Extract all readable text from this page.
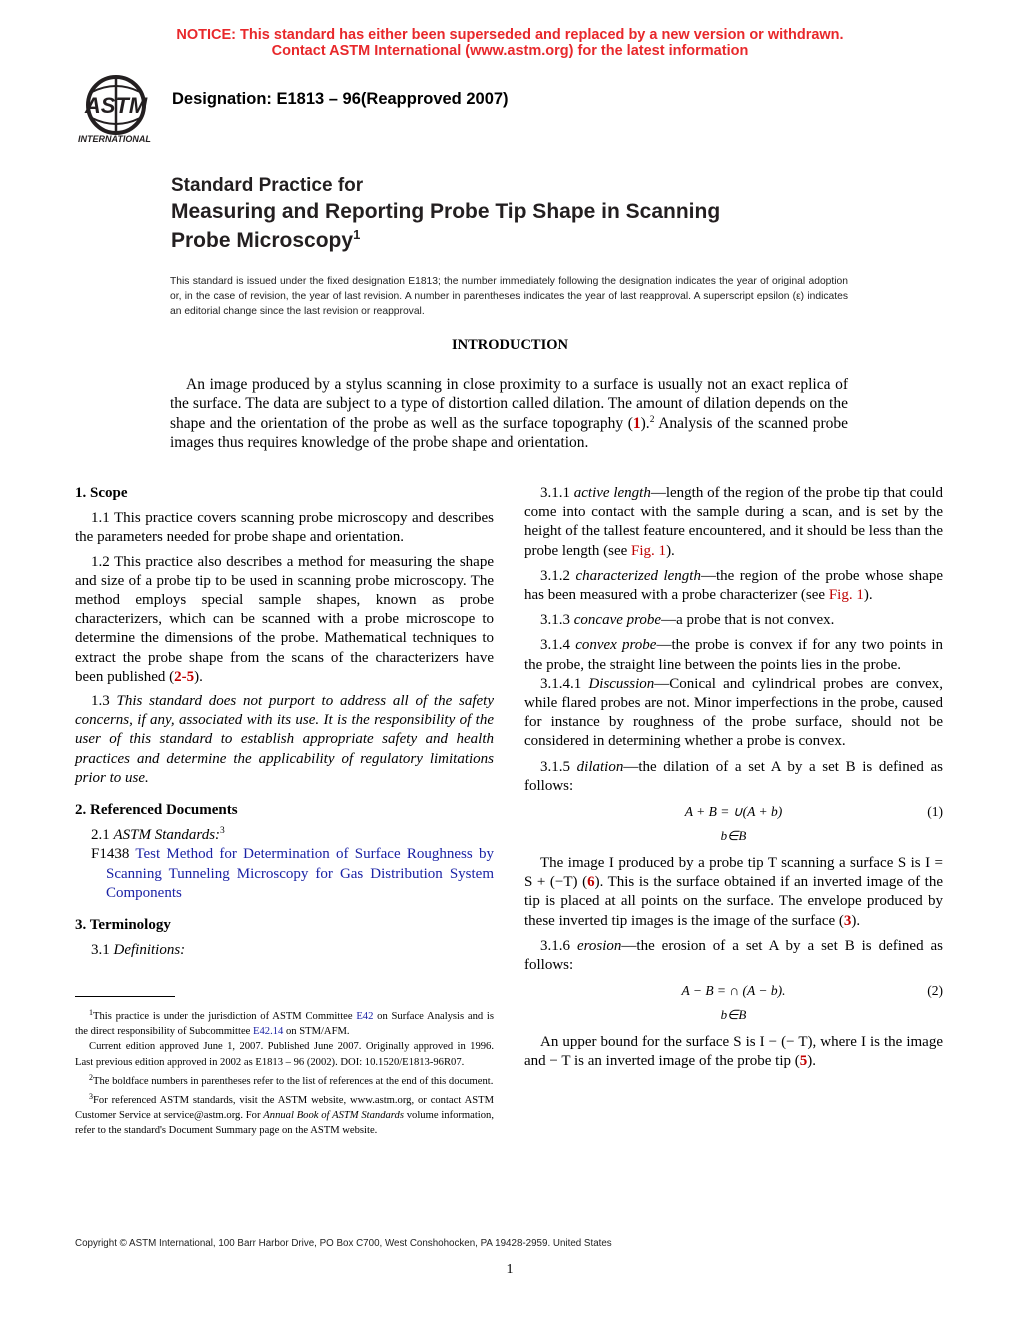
NOTICE: This standard has either been superseded and replaced by a new version or withdrawn.
Contact ASTM International (www.astm.org) for the latest information
ASTM
INTERNATIONAL
Designation: E1813 – 96(Reapproved 2007)
Standard Practice for
Measuring and Reporting Probe Tip Shape in Scanning
Probe Microscopy$^1$
This standard is issued under the fixed designation E1813; the number immediately following the designation indicates the year of original adoption or, in the case of revision, the year of last revision. A number in parentheses indicates the year of last reapproval. A superscript epsilon (ε) indicates an editorial change since the last revision or reapproval.
INTRODUCTION
An image produced by a stylus scanning in close proximity to a surface is usually not an exact replica of the surface. The data are subject to a type of distortion called dilation. The amount of dilation depends on the shape and the orientation of the probe as well as the surface topography (1).$^2$ Analysis of the scanned probe images thus requires knowledge of the probe shape and orientation.

1. Scope

1.1 This practice covers scanning probe microscopy and describes the parameters needed for probe shape and orientation.

1.2 This practice also describes a method for measuring the shape and size of a probe tip to be used in scanning probe microscopy. The method employs special sample shapes, known as probe characterizers, which can be scanned with a probe microscope to determine the dimensions of the probe. Mathematical techniques to extract the probe shape from the scans of the characterizers have been published (2-5).

1.3 This standard does not purport to address all of the safety concerns, if any, associated with its use. It is the responsibility of the user of this standard to establish appropriate safety and health practices and determine the applicability of regulatory limitations prior to use.

2. Referenced Documents

2.1 ASTM Standards:$^3$

F1438 Test Method for Determination of Surface Roughness by Scanning Tunneling Microscopy for Gas Distribution System Components

3. Terminology

3.1 Definitions:

3.1.1 active length—length of the region of the probe tip that could come into contact with the sample during a scan, and is set by the height of the tallest feature encountered, and it should be less than the probe length (see Fig. 1).

3.1.2 characterized length—the region of the probe whose shape has been measured with a probe characterizer (see Fig. 1).

3.1.3 concave probe—a probe that is not convex.

3.1.4 convex probe—the probe is convex if for any two points in the probe, the straight line between the points lies in the probe.

3.1.4.1 Discussion—Conical and cylindrical probes are convex, while flared probes are not. Minor imperfections in the probe, caused for instance by roughness of the probe surface, should not be considered in determining whether a probe is convex.

3.1.5 dilation—the dilation of a set A by a set B is defined as follows:

A + B = ∪(A + b)	(1)
b∈B

The image I produced by a probe tip T scanning a surface S is I = S + (−T) (6). This is the surface obtained if an inverted image of the tip is placed at all points on the surface. The envelope produced by these inverted tip images is the image of the surface (3).

3.1.6 erosion—the erosion of a set A by a set B is defined as follows:

A − B = ∩ (A − b).	(2)
b∈B

An upper bound for the surface S is I − (− T), where I is the image and − T is an inverted image of the probe tip (5).

$^1$This practice is under the jurisdiction of ASTM Committee E42 on Surface Analysis and is the direct responsibility of Subcommittee E42.14 on STM/AFM.

Current edition approved June 1, 2007. Published June 2007. Originally approved in 1996. Last previous edition approved in 2002 as E1813 – 96 (2002). DOI: 10.1520/E1813-96R07.

$^2$The boldface numbers in parentheses refer to the list of references at the end of this document.

$^3$For referenced ASTM standards, visit the ASTM website, www.astm.org, or contact ASTM Customer Service at service@astm.org. For Annual Book of ASTM Standards volume information, refer to the standard's Document Summary page on the ASTM website.

Copyright © ASTM International, 100 Barr Harbor Drive, PO Box C700, West Conshohocken, PA 19428-2959. United States
1
